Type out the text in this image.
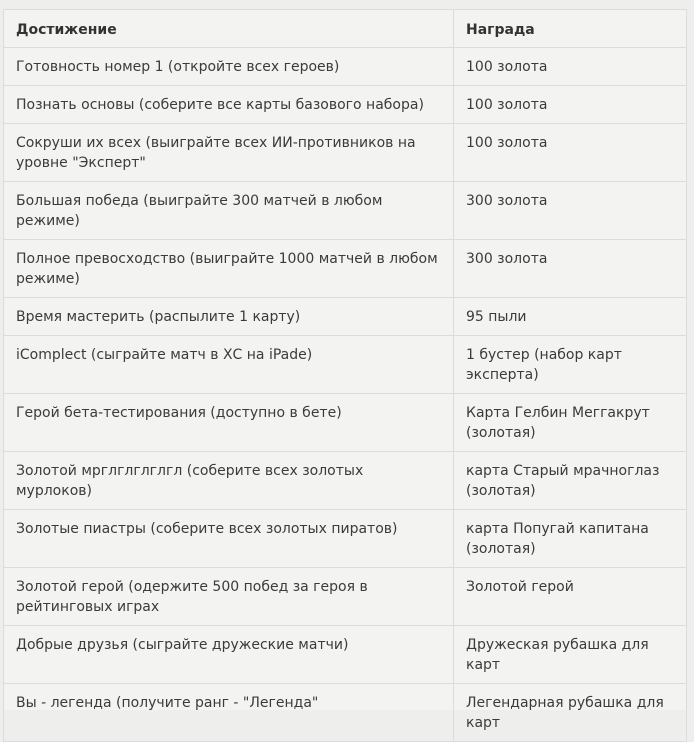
Достижение	Награда
Готовность номер 1 (откройте всех героев)	100 золота
Познать основы (соберите все карты базового набора)	100 золота
Сокруши их всех (выиграйте всех ИИ-противников на уровне "Эксперт"	100 золота
Большая победа (выиграйте 300 матчей в любом режиме)	300 золота
Полное превосходство (выиграйте 1000 матчей в любом режиме)	300 золота
Время мастерить (распылите 1 карту)	95 пыли
iComplect (сыграйте матч в ХС на iPade)	1 бустер (набор карт эксперта)
Герой бета-тестирования (доступно в бете)	Карта Гелбин Меггакрут (золотая)
Золотой мрглглглглгл (соберите всех золотых мурлоков)	карта Старый мрачноглаз (золотая)
Золотые пиастры (соберите всех золотых пиратов)	карта Попугай капитана (золотая)
Золотой герой (одержите 500 побед за героя в рейтинговых играх	Золотой герой
Добрые друзья (сыграйте дружеские матчи)	Дружеская рубашка для карт
Вы - легенда (получите ранг - "Легенда"	Легендарная рубашка для карт
